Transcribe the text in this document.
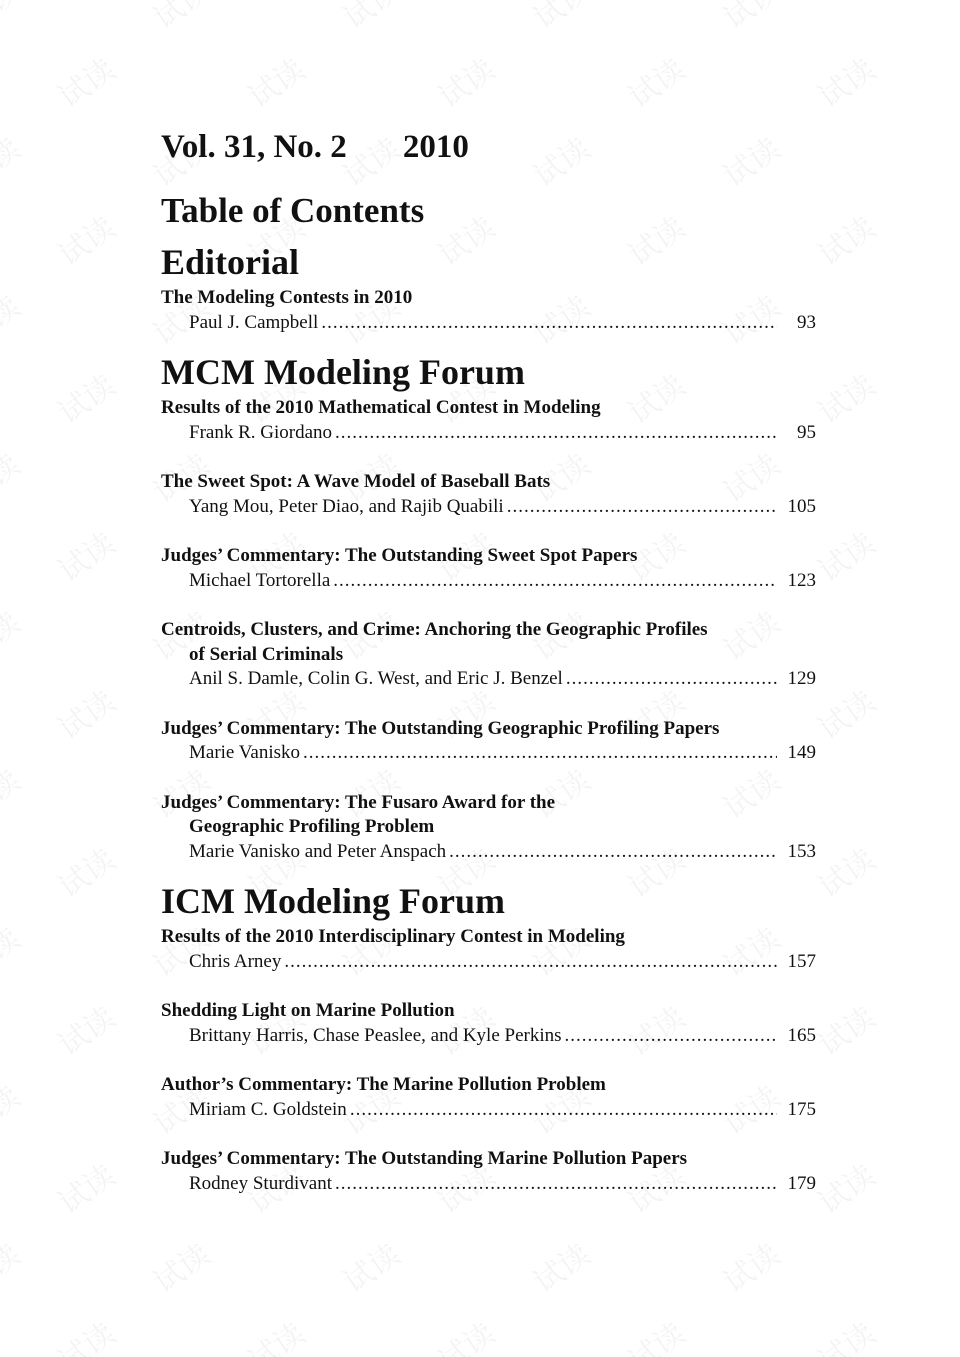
Vol. 31, No. 2 2010
Table of Contents
Editorial
The Modeling Contests in 2010
Paul J. Campbell .....	93
MCM Modeling Forum
Results of the 2010 Mathematical Contest in Modeling
Frank R. Giordano .....	95
The Sweet Spot: A Wave Model of Baseball Bats
Yang Mou, Peter Diao, and Rajib Quabili .....	105
Judges’ Commentary: The Outstanding Sweet Spot Papers
Michael Tortorella .....	123
Centroids, Clusters, and Crime: Anchoring the Geographic Profiles
of Serial Criminals
Anil S. Damle, Colin G. West, and Eric J. Benzel .....	129
Judges’ Commentary: The Outstanding Geographic Profiling Papers
Marie Vanisko .....	149
Judges’ Commentary: The Fusaro Award for the
Geographic Profiling Problem
Marie Vanisko and Peter Anspach .....	153
ICM Modeling Forum
Results of the 2010 Interdisciplinary Contest in Modeling
Chris Arney .....	157
Shedding Light on Marine Pollution
Brittany Harris, Chase Peaslee, and Kyle Perkins .....	165
Author’s Commentary: The Marine Pollution Problem
Miriam C. Goldstein .....	175
Judges’ Commentary: The Outstanding Marine Pollution Papers
Rodney Sturdivant .....	179
